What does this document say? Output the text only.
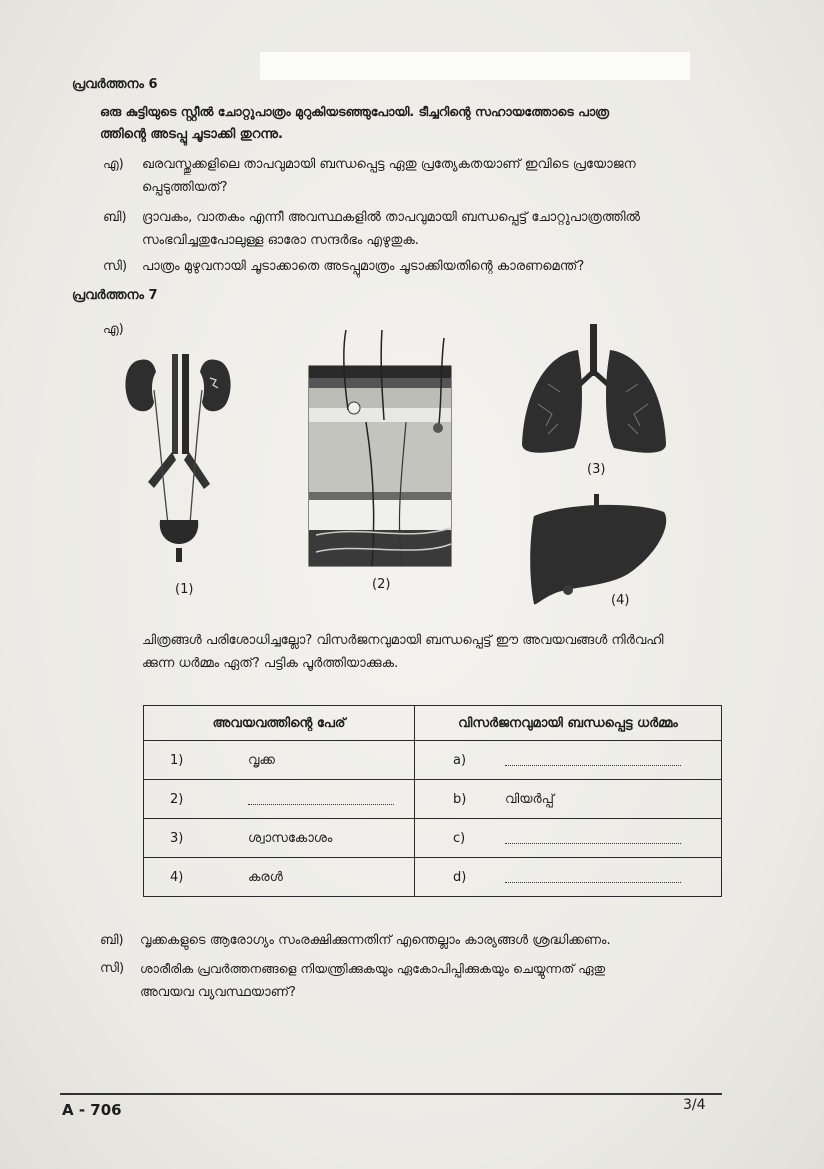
പ്രവർത്തനം 6
ഒരു കുട്ടിയുടെ സ്റ്റീൽ ചോറ്റുപാത്രം മുറുകിയടഞ്ഞുപോയി. ടീച്ചറിന്റെ സഹായത്തോടെ പാത്ര
ത്തിന്റെ അടപ്പു ചൂടാക്കി തുറന്നു.
എ) ഖരവസ്തുക്കളിലെ താപവുമായി ബന്ധപ്പെട്ട ഏതു പ്രത്യേകതയാണ് ഇവിടെ പ്രയോജന
പ്പെടുത്തിയത്?
ബി) ദ്രാവകം, വാതകം എന്നീ അവസ്ഥകളിൽ താപവുമായി ബന്ധപ്പെട്ട് ചോറ്റുപാത്രത്തിൽ
സംഭവിച്ചതുപോലുള്ള ഓരോ സന്ദർഭം എഴുതുക.
സി) പാത്രം മുഴുവനായി ചൂടാക്കാതെ അടപ്പുമാത്രം ചൂടാക്കിയതിന്റെ കാരണമെന്ത്?
പ്രവർത്തനം 7
എ)
(1)	(2)
(3)
(4)
ചിത്രങ്ങൾ പരിശോധിച്ചല്ലോ? വിസർജനവുമായി ബന്ധപ്പെട്ട് ഈ അവയവങ്ങൾ നിർവഹി
ക്കുന്ന ധർമ്മം ഏത്? പട്ടിക പൂർത്തിയാക്കുക.
അവയവത്തിന്റെ പേര്	വിസർജനവുമായി ബന്ധപ്പെട്ട ധർമ്മം

1) വൃക്ക	a)

2)	b) വിയർപ്പ്

3) ശ്വാസകോശം	c)

4) കരൾ	d)
ബി) വൃക്കകളുടെ ആരോഗ്യം സംരക്ഷിക്കുന്നതിന് എന്തെല്ലാം കാര്യങ്ങൾ ശ്രദ്ധിക്കണം.
സി) ശാരീരിക പ്രവർത്തനങ്ങളെ നിയന്ത്രിക്കുകയും ഏകോപിപ്പിക്കുകയും ചെയ്യുന്നത് ഏതു
അവയവ വ്യവസ്ഥയാണ്?
A - 706	3/4
